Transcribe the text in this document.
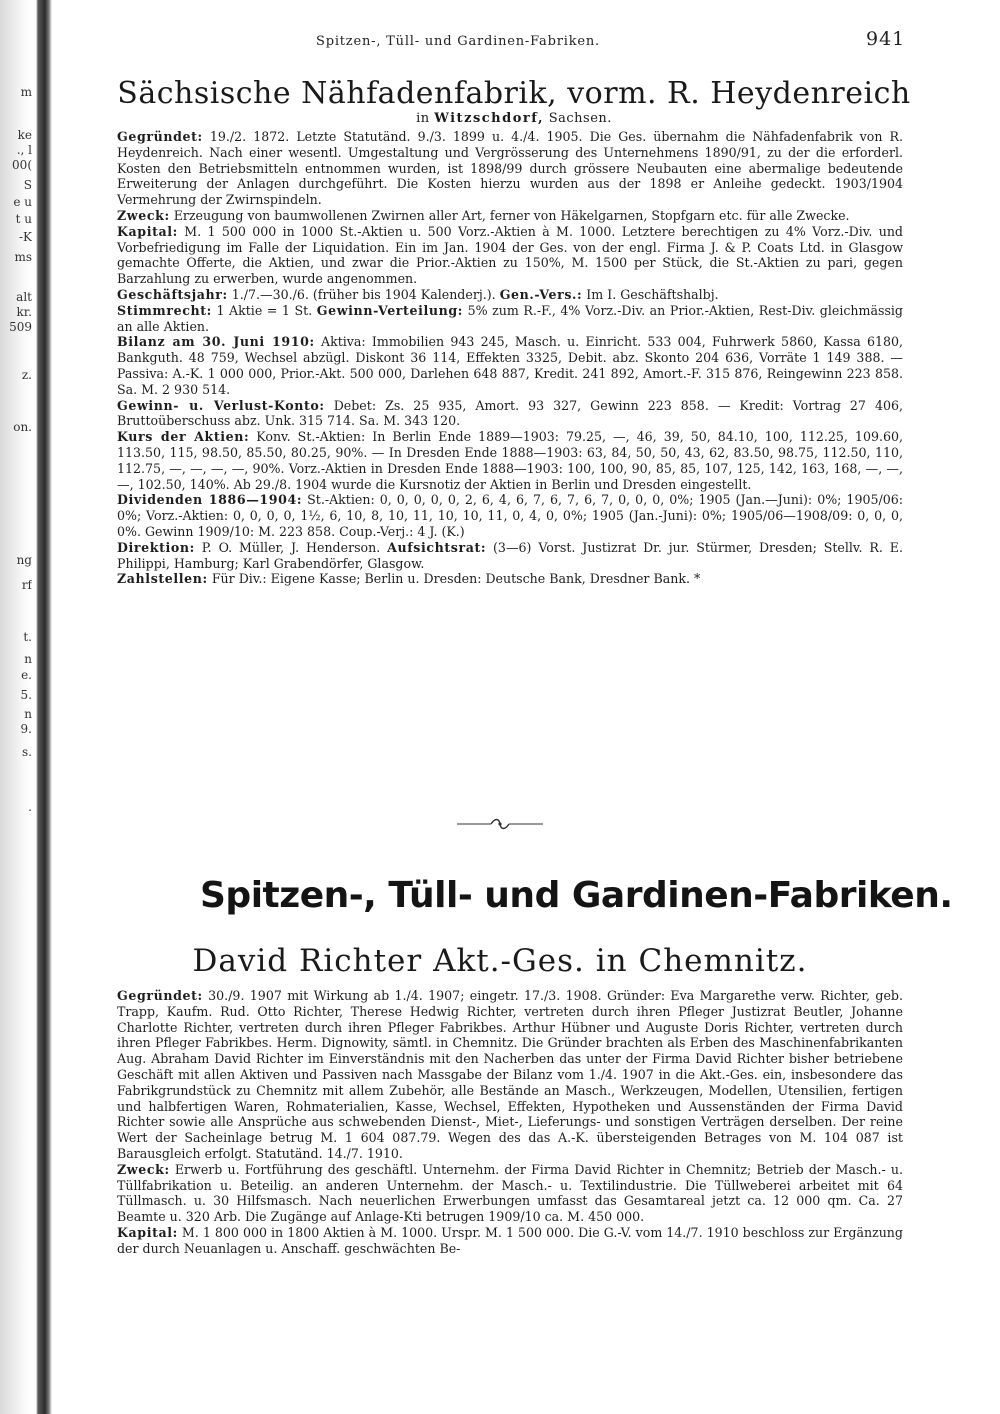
m
ke
., l
00(
S
e u
t u
-K
ms
alt
kr.
509
z.
on.
ng
rf
t.
n
e.
5.
n
9.
s.
.
Spitzen-, Tüll- und Gardinen-Fabriken.	941
Sächsische Nähfadenfabrik, vorm. R. Heydenreich
in Witzschdorf, Sachsen.

Gegründet: 19./2. 1872. Letzte Statutänd. 9./3. 1899 u. 4./4. 1905. Die Ges. übernahm die Nähfadenfabrik von R. Heydenreich. Nach einer wesentl. Umgestaltung und Vergrösserung des Unternehmens 1890/91, zu der die erforderl. Kosten den Betriebsmitteln entnommen wurden, ist 1898/99 durch grössere Neubauten eine abermalige bedeutende Erweiterung der Anlagen durchgeführt. Die Kosten hierzu wurden aus der 1898 er Anleihe gedeckt. 1903/1904 Vermehrung der Zwirnspindeln.

Zweck: Erzeugung von baumwollenen Zwirnen aller Art, ferner von Häkelgarnen, Stopfgarn etc. für alle Zwecke.

Kapital: M. 1 500 000 in 1000 St.-Aktien u. 500 Vorz.-Aktien à M. 1000. Letztere berechtigen zu 4% Vorz.-Div. und Vorbefriedigung im Falle der Liquidation. Ein im Jan. 1904 der Ges. von der engl. Firma J. & P. Coats Ltd. in Glasgow gemachte Offerte, die Aktien, und zwar die Prior.-Aktien zu 150%, M. 1500 per Stück, die St.-Aktien zu pari, gegen Barzahlung zu erwerben, wurde angenommen.

Geschäftsjahr: 1./7.—30./6. (früher bis 1904 Kalenderj.). Gen.-Vers.: Im I. Geschäftshalbj.

Stimmrecht: 1 Aktie = 1 St. Gewinn-Verteilung: 5% zum R.-F., 4% Vorz.-Div. an Prior.-Aktien, Rest-Div. gleichmässig an alle Aktien.

Bilanz am 30. Juni 1910: Aktiva: Immobilien 943 245, Masch. u. Einricht. 533 004, Fuhrwerk 5860, Kassa 6180, Bankguth. 48 759, Wechsel abzügl. Diskont 36 114, Effekten 3325, Debit. abz. Skonto 204 636, Vorräte 1 149 388. — Passiva: A.-K. 1 000 000, Prior.-Akt. 500 000, Darlehen 648 887, Kredit. 241 892, Amort.-F. 315 876, Reingewinn 223 858. Sa. M. 2 930 514.

Gewinn- u. Verlust-Konto: Debet: Zs. 25 935, Amort. 93 327, Gewinn 223 858. — Kredit: Vortrag 27 406, Bruttoüberschuss abz. Unk. 315 714. Sa. M. 343 120.

Kurs der Aktien: Konv. St.-Aktien: In Berlin Ende 1889—1903: 79.25, —, 46, 39, 50, 84.10, 100, 112.25, 109.60, 113.50, 115, 98.50, 85.50, 80.25, 90%. — In Dresden Ende 1888—1903: 63, 84, 50, 50, 43, 62, 83.50, 98.75, 112.50, 110, 112.75, —, —, —, —, 90%. Vorz.-Aktien in Dresden Ende 1888—1903: 100, 100, 90, 85, 85, 107, 125, 142, 163, 168, —, —, —, 102.50, 140%. Ab 29./8. 1904 wurde die Kursnotiz der Aktien in Berlin und Dresden eingestellt.

Dividenden 1886—1904: St.-Aktien: 0, 0, 0, 0, 0, 2, 6, 4, 6, 7, 6, 7, 6, 7, 0, 0, 0, 0%; 1905 (Jan.—Juni): 0%; 1905/06: 0%; Vorz.-Aktien: 0, 0, 0, 0, 1½, 6, 10, 8, 10, 11, 10, 10, 11, 0, 4, 0, 0%; 1905 (Jan.-Juni): 0%; 1905/06—1908/09: 0, 0, 0, 0%. Gewinn 1909/10: M. 223 858. Coup.-Verj.: 4 J. (K.)

Direktion: P. O. Müller, J. Henderson. Aufsichtsrat: (3—6) Vorst. Justizrat Dr. jur. Stürmer, Dresden; Stellv. R. E. Philippi, Hamburg; Karl Grabendörfer, Glasgow.

Zahlstellen: Für Div.: Eigene Kasse; Berlin u. Dresden: Deutsche Bank, Dresdner Bank. *

Spitzen-, Tüll- und Gardinen-Fabriken.
David Richter Akt.-Ges. in Chemnitz.

Gegründet: 30./9. 1907 mit Wirkung ab 1./4. 1907; eingetr. 17./3. 1908. Gründer: Eva Margarethe verw. Richter, geb. Trapp, Kaufm. Rud. Otto Richter, Therese Hedwig Richter, vertreten durch ihren Pfleger Justizrat Beutler, Johanne Charlotte Richter, vertreten durch ihren Pfleger Fabrikbes. Arthur Hübner und Auguste Doris Richter, vertreten durch ihren Pfleger Fabrikbes. Herm. Dignowity, sämtl. in Chemnitz. Die Gründer brachten als Erben des Maschinenfabrikanten Aug. Abraham David Richter im Einverständnis mit den Nacherben das unter der Firma David Richter bisher betriebene Geschäft mit allen Aktiven und Passiven nach Massgabe der Bilanz vom 1./4. 1907 in die Akt.-Ges. ein, insbesondere das Fabrikgrundstück zu Chemnitz mit allem Zubehör, alle Bestände an Masch., Werkzeugen, Modellen, Utensilien, fertigen und halbfertigen Waren, Rohmaterialien, Kasse, Wechsel, Effekten, Hypotheken und Aussenständen der Firma David Richter sowie alle Ansprüche aus schwebenden Dienst-, Miet-, Lieferungs- und sonstigen Verträgen derselben. Der reine Wert der Sacheinlage betrug M. 1 604 087.79. Wegen des das A.-K. übersteigenden Betrages von M. 104 087 ist Barausgleich erfolgt. Statutänd. 14./7. 1910.

Zweck: Erwerb u. Fortführung des geschäftl. Unternehm. der Firma David Richter in Chemnitz; Betrieb der Masch.- u. Tüllfabrikation u. Beteilig. an anderen Unternehm. der Masch.- u. Textilindustrie. Die Tüllweberei arbeitet mit 64 Tüllmasch. u. 30 Hilfsmasch. Nach neuerlichen Erwerbungen umfasst das Gesamtareal jetzt ca. 12 000 qm. Ca. 27 Beamte u. 320 Arb. Die Zugänge auf Anlage-Kti betrugen 1909/10 ca. M. 450 000.

Kapital: M. 1 800 000 in 1800 Aktien à M. 1000. Urspr. M. 1 500 000. Die G.-V. vom 14./7. 1910 beschloss zur Ergänzung der durch Neuanlagen u. Anschaff. geschwächten Be-
